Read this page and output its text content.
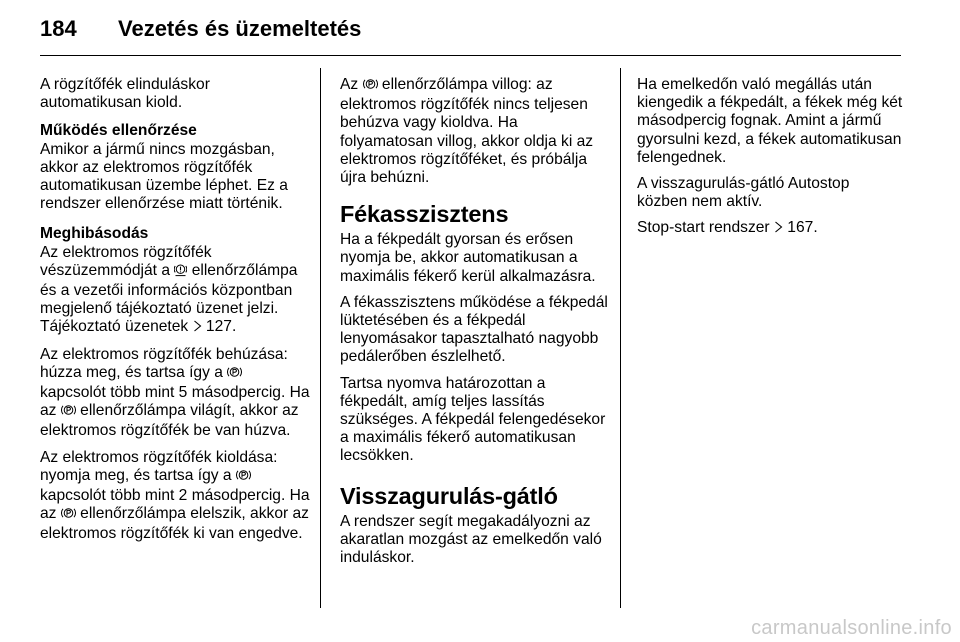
184 Vezetés és üzemeltetés

A rögzítőfék elinduláskor automatikusan kiold.

Működés ellenőrzése

Amikor a jármű nincs mozgásban, akkor az elektromos rögzítőfék automatikusan üzembe léphet. Ez a rendszer ellenőrzése miatt történik.

Meghibásodás

Az elektromos rögzítőfék vészüzemmódját a ellenőrzőlámpa és a vezetői információs központban megjelenő tájékoztató üzenet jelzi. Tájékoztató üzenetek 127.

Az elektromos rögzítőfék behúzása: húzza meg, és tartsa így a  kapcsolót több mint 5 másodpercig. Ha az ellenőrzőlámpa világít, akkor az elektromos rögzítőfék be van húzva.

Az elektromos rögzítőfék kioldása: nyomja meg, és tartsa így a  kapcsolót több mint 2 másodpercig. Ha az ellenőrzőlámpa elelszik, akkor az elektromos rögzítőfék ki van engedve.

Az ellenőrzőlámpa villog: az elektromos rögzítőfék nincs teljesen behúzva vagy kioldva. Ha folyamatosan villog, akkor oldja ki az elektromos rögzítőféket, és próbálja újra behúzni.

Fékasszisztens

Ha a fékpedált gyorsan és erősen nyomja be, akkor automatikusan a maximális fékerő kerül alkalmazásra.

A fékasszisztens működése a fékpedál lüktetésében és a fékpedál lenyomásakor tapasztalható nagyobb pedálerőben észlelhető.

Tartsa nyomva határozottan a fékpedált, amíg teljes lassítás szükséges. A fékpedál felengedésekor a maximális fékerő automatikusan lecsökken.

Visszagurulás-gátló

A rendszer segít megakadályozni az akaratlan mozgást az emelkedőn való induláskor.

Ha emelkedőn való megállás után kiengedik a fékpedált, a fékek még két másodpercig fognak. Amint a jármű gyorsulni kezd, a fékek automatikusan felengednek.

A visszagurulás-gátló Autostop közben nem aktív.

Stop-start rendszer 167.

carmanualsonline.info
